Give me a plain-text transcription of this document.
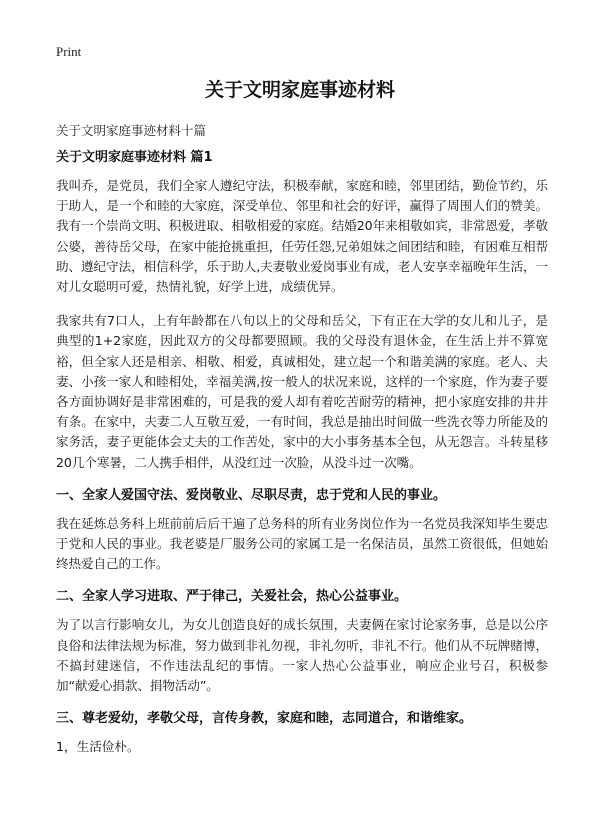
Print
关于文明家庭事迹材料
关于文明家庭事迹材料十篇
关于文明家庭事迹材料 篇1

我叫乔，是党员，我们全家人遵纪守法，积极奉献，家庭和睦，邻里团结，勤俭节约，乐于助人，是一个和睦的大家庭，深受单位、邻里和社会的好评，赢得了周围人们的赞美。我有一个崇尚文明、积极进取、相敬相爱的家庭。结婚20年来相敬如宾，非常恩爱，孝敬公婆，善待岳父母，在家中能抢挑重担，任劳任怨,兄弟姐妹之间团结和睦，有困难互相帮助、遵纪守法，相信科学，乐于助人,夫妻敬业爱岗事业有成，老人安享幸福晚年生活，一对儿女聪明可爱，热情礼貌，好学上进，成绩优异。

我家共有7口人，上有年龄都在八旬以上的父母和岳父，下有正在大学的女儿和儿子，是典型的1+2家庭，因此双方的父母都要照顾。我的父母没有退休金，在生活上并不算宽裕，但全家人还是相亲、相敬、相爱，真诚相处，建立起一个和谐美满的家庭。老人、夫妻、小孩一家人和睦相处，幸福美满,按一般人的状况来说，这样的一个家庭，作为妻子要各方面协调好是非常困难的，可是我的爱人却有着吃苦耐劳的精神，把小家庭安排的井井有条。在家中，夫妻二人互敬互爱，一有时间，我总是抽出时间做一些洗衣等力所能及的家务活，妻子更能体会丈夫的工作苦处，家中的大小事务基本全包，从无怨言。斗转星移20几个寒暑，二人携手相伴，从没红过一次脸，从没斗过一次嘴。

一、全家人爱国守法、爱岗敬业、尽职尽责，忠于党和人民的事业。

我在延炼总务科上班前前后后干遍了总务科的所有业务岗位作为一名党员我深知毕生要忠于党和人民的事业。我老婆是厂服务公司的家属工是一名保洁员，虽然工资很低，但她始终热爱自己的工作。

二、全家人学习进取、严于律己，关爱社会，热心公益事业。

为了以言行影响女儿，为女儿创造良好的成长氛围，夫妻俩在家讨论家务事，总是以公序良俗和法律法规为标准，努力做到非礼勿视，非礼勿听，非礼不行。他们从不玩牌赌博，不搞封建迷信，不作违法乱纪的事情。一家人热心公益事业，响应企业号召，积极参加“献爱心捐款、捐物活动”。

三、尊老爱幼，孝敬父母，言传身教，家庭和睦，志同道合，和谐维家。

1，生活俭朴。
